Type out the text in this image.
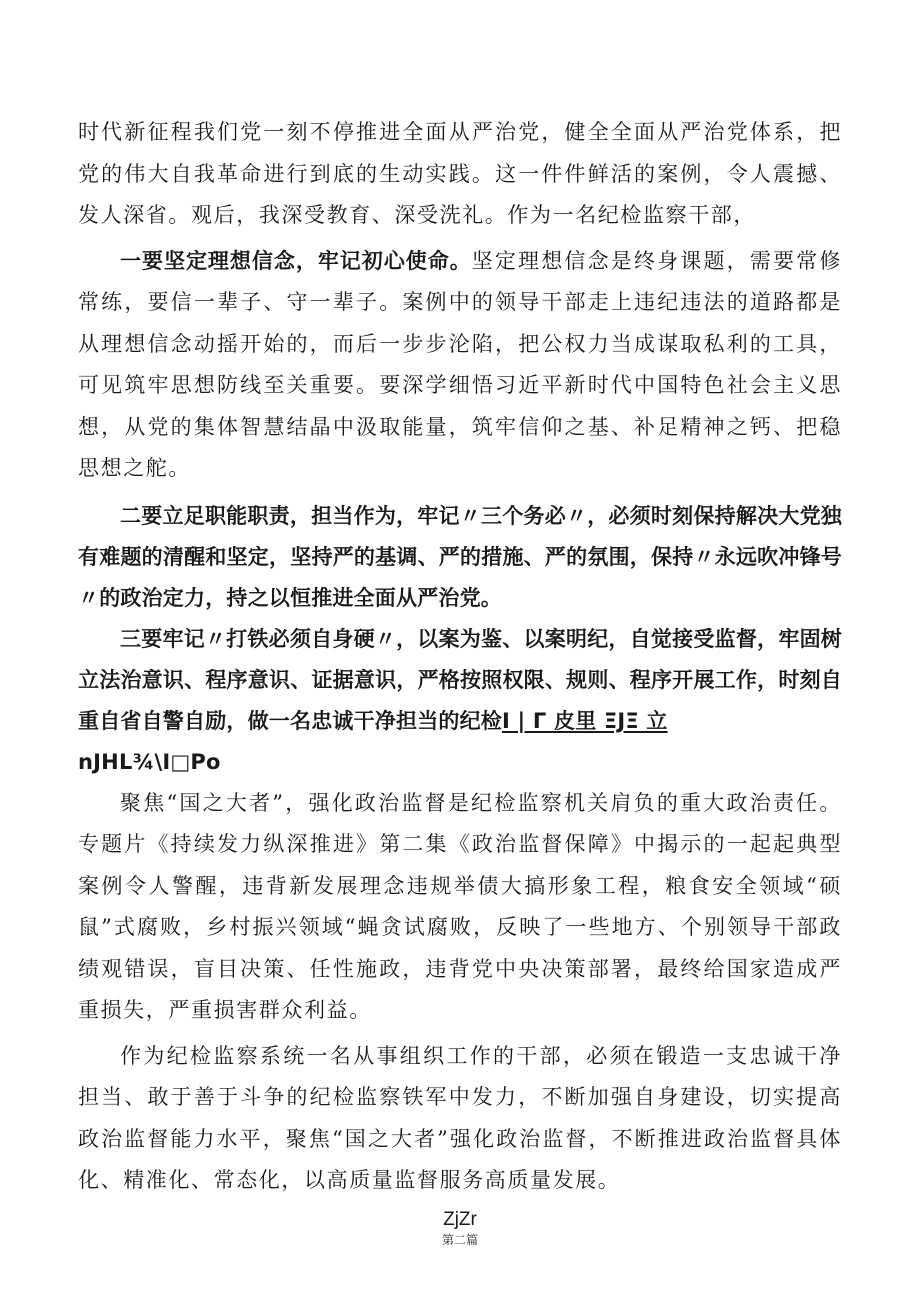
时代新征程我们党一刻不停推进全面从严治党，健全全面从严治党体系，把党的伟大自我革命进行到底的生动实践。这一件件鲜活的案例，令人震撼、发人深省。观后，我深受教育、深受洗礼。作为一名纪检监察干部，

一要坚定理想信念，牢记初心使命。坚定理想信念是终身课题，需要常修常练，要信一辈子、守一辈子。案例中的领导干部走上违纪违法的道路都是从理想信念动摇开始的，而后一步步沦陷，把公权力当成谋取私利的工具，可见筑牢思想防线至关重要。要深学细悟习近平新时代中国特色社会主义思想，从党的集体智慧结晶中汲取能量，筑牢信仰之基、补足精神之钙、把稳思想之舵。

二要立足职能职责，担当作为，牢记〃三个务必〃，必须时刻保持解决大党独有难题的清醒和坚定，坚持严的基调、严的措施、严的氛围，保持〃永远吹冲锋号〃的政治定力，持之以恒推进全面从严治党。

三要牢记〃打铁必须自身硬〃，以案为鉴、以案明纪，自觉接受监督，牢固树立法治意识、程序意识、证据意识，严格按照权限、规则、程序开展工作，时刻自重自省自警自励，做一名忠诚干净担当的纪检I | Γ 皮里 ΞJΞ 立
nJHL¾\I□Po

聚焦“国之大者”，强化政治监督是纪检监察机关肩负的重大政治责任。专题片《持续发力纵深推进》第二集《政治监督保障》中揭示的一起起典型案例令人警醒，违背新发展理念违规举债大搞形象工程，粮食安全领域“硕鼠”式腐败，乡村振兴领域“蝇贪试腐败，反映了一些地方、个别领导干部政绩观错误，盲目决策、任性施政，违背党中央决策部署，最终给国家造成严重损失，严重损害群众利益。

作为纪检监察系统一名从事组织工作的干部，必须在锻造一支忠诚干净担当、敢于善于斗争的纪检监察铁军中发力，不断加强自身建设，切实提高政治监督能力水平，聚焦“国之大者”强化政治监督，不断推进政治监督具体化、精准化、常态化，以高质量监督服务高质量发展。

ZjZr
第二篇
